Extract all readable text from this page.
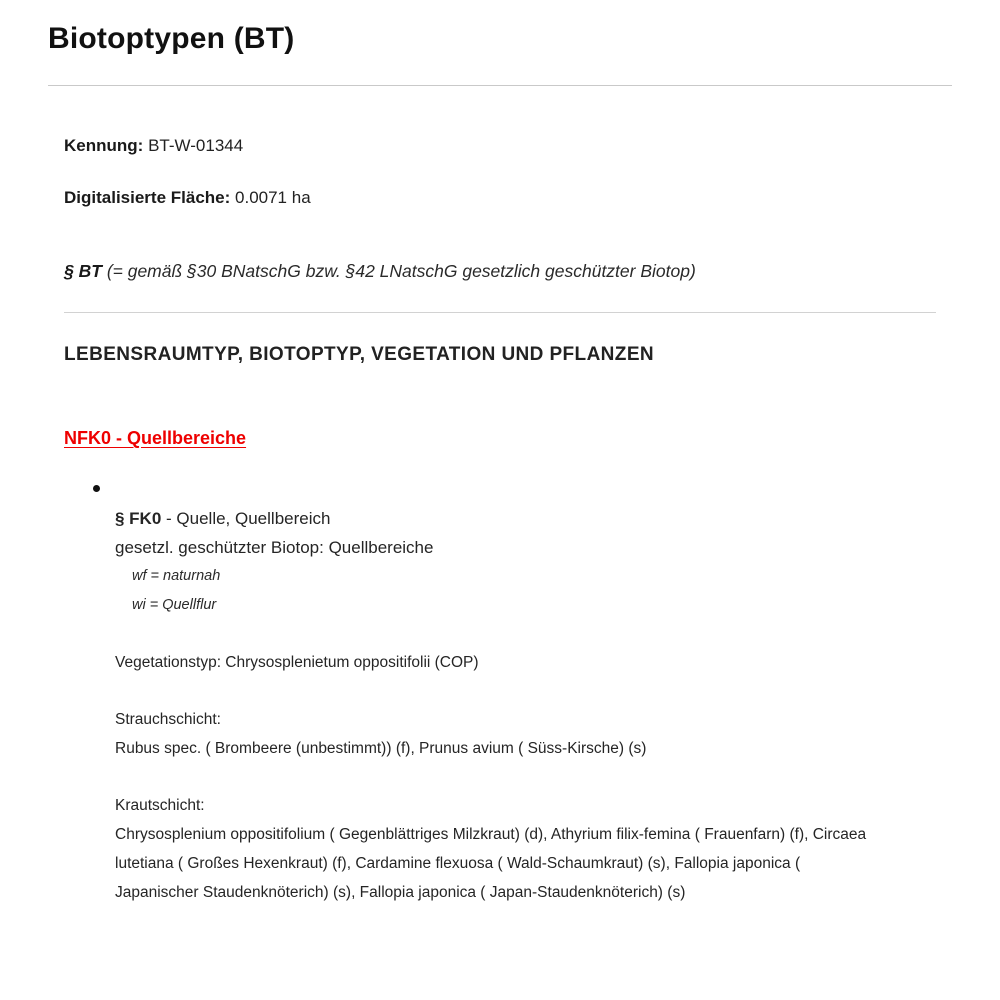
Biotoptypen (BT)

Kennung: BT-W-01344

Digitalisierte Fläche: 0.0071 ha

§ BT (= gemäß §30 BNatschG bzw. §42 LNatschG gesetzlich geschützter Biotop)

LEBENSRAUMTYP, BIOTOPTYP, VEGETATION UND PFLANZEN
NFK0 - Quellbereiche

§ FK0 - Quelle, Quellbereich

gesetzl. geschützter Biotop: Quellbereiche

wf = naturnah

wi = Quellflur

Vegetationstyp: Chrysosplenietum oppositifolii (COP)

Strauchschicht:

Rubus spec. ( Brombeere (unbestimmt)) (f), Prunus avium ( Süss-Kirsche) (s)

Krautschicht:

Chrysosplenium oppositifolium ( Gegenblättriges Milzkraut) (d), Athyrium filix-femina ( Frauenfarn) (f), Circaea lutetiana ( Großes Hexenkraut) (f), Cardamine flexuosa ( Wald-Schaumkraut) (s), Fallopia japonica ( Japanischer Staudenknöterich) (s), Fallopia japonica ( Japan-Staudenknöterich) (s)
